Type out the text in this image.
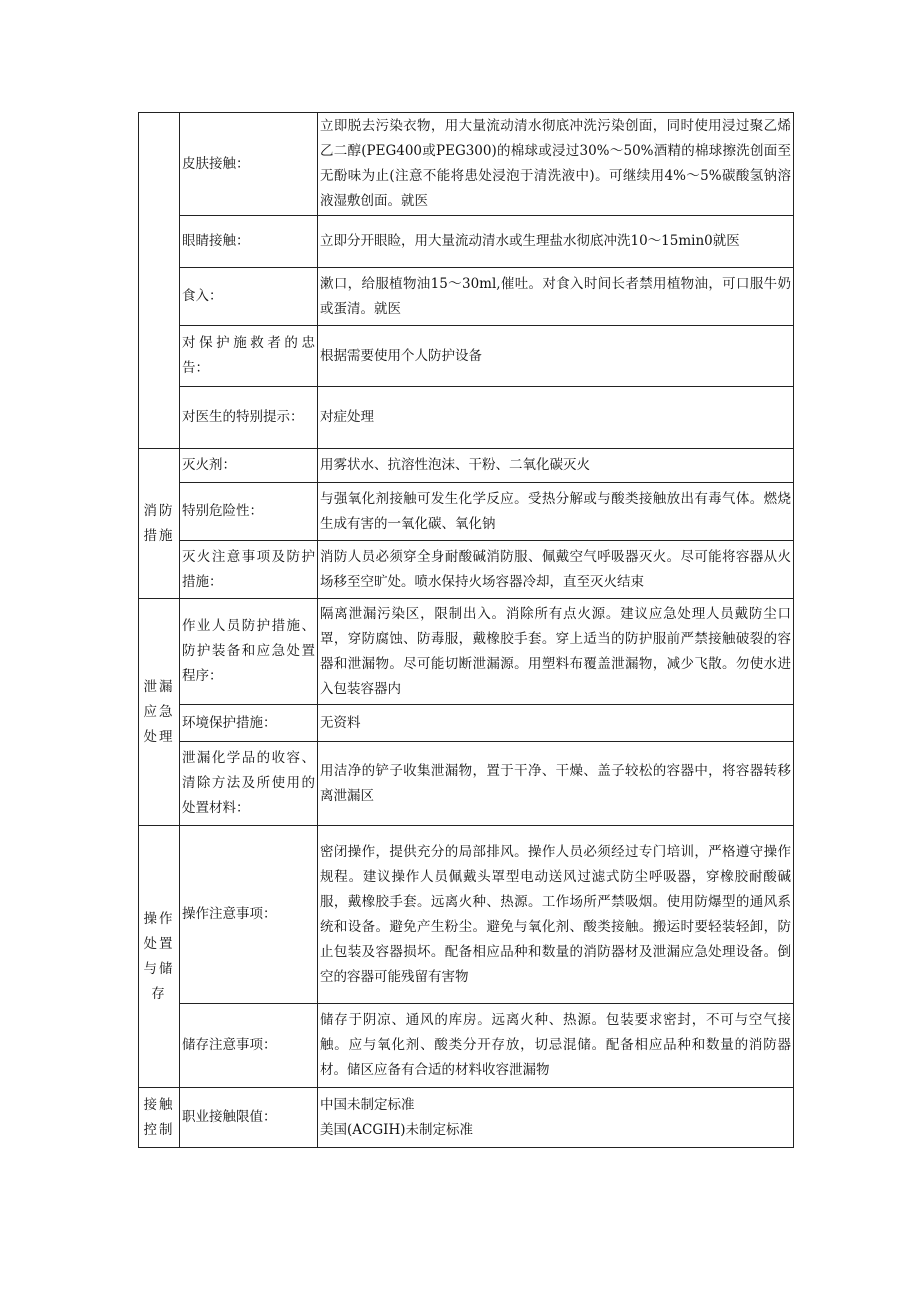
	皮肤接触：	立即脱去污染衣物，用大量流动清水彻底冲洗污染创面，同时使用浸过聚乙烯乙二醇(PEG400或PEG300)的棉球或浸过30%～50%酒精的棉球擦洗创面至无酚味为止(注意不能将患处浸泡于清洗液中)。可继续用4%～5%碳酸氢钠溶液湿敷创面。就医
	眼睛接触：	立即分开眼睑，用大量流动清水或生理盐水彻底冲洗10～15min0就医
	食入：	漱口，给服植物油15～30ml,催吐。对食入时间长者禁用植物油，可口服牛奶或蛋清。就医
	对保护施救者的忠告：	根据需要使用个人防护设备
	对医生的特别提示：	对症处理
消防措施	灭火剂：	用雾状水、抗溶性泡沫、干粉、二氧化碳灭火
	特别危险性：	与强氧化剂接触可发生化学反应。受热分解或与酸类接触放出有毒气体。燃烧生成有害的一氧化碳、氧化钠
	灭火注意事项及防护措施：	消防人员必须穿全身耐酸碱消防服、佩戴空气呼吸器灭火。尽可能将容器从火场移至空旷处。喷水保持火场容器冷却，直至灭火结束
泄漏应急处理	作业人员防护措施、防护装备和应急处置程序：	隔离泄漏污染区，限制出入。消除所有点火源。建议应急处理人员戴防尘口罩，穿防腐蚀、防毒服，戴橡胶手套。穿上适当的防护服前严禁接触破裂的容器和泄漏物。尽可能切断泄漏源。用塑料布覆盖泄漏物，减少飞散。勿使水进入包装容器内
	环境保护措施：	无资料
	泄漏化学品的收容、清除方法及所使用的处置材料：	用洁净的铲子收集泄漏物，置于干净、干燥、盖子较松的容器中，将容器转移离泄漏区
操作处置与储存	操作注意事项：	密闭操作，提供充分的局部排风。操作人员必须经过专门培训，严格遵守操作规程。建议操作人员佩戴头罩型电动送风过滤式防尘呼吸器，穿橡胶耐酸碱服，戴橡胶手套。远离火种、热源。工作场所严禁吸烟。使用防爆型的通风系统和设备。避免产生粉尘。避免与氧化剂、酸类接触。搬运时要轻装轻卸，防止包装及容器损坏。配备相应品种和数量的消防器材及泄漏应急处理设备。倒空的容器可能残留有害物
	储存注意事项：	储存于阴凉、通风的库房。远离火种、热源。包装要求密封，不可与空气接触。应与氧化剂、酸类分开存放，切忌混储。配备相应品种和数量的消防器材。储区应备有合适的材料收容泄漏物
接触控制	职业接触限值：	中国未制定标准
美国(ACGIH)未制定标准
